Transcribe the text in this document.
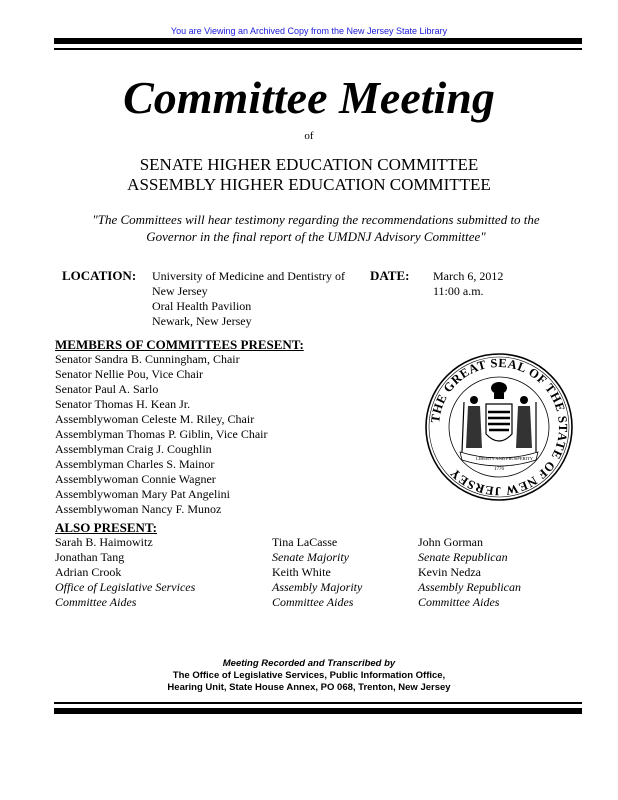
You are Viewing an Archived Copy from the New Jersey State Library
Committee Meeting
of
SENATE HIGHER EDUCATION COMMITTEE
ASSEMBLY HIGHER EDUCATION COMMITTEE
"The Committees will hear testimony regarding the recommendations submitted to the
Governor in the final report of the UMDNJ Advisory Committee"
LOCATION: University of Medicine and Dentistry of
New Jersey
Oral Health Pavilion
Newark, New Jersey
DATE: March 6, 2012
11:00 a.m.
MEMBERS OF COMMITTEES PRESENT:
Senator Sandra B. Cunningham, Chair
Senator Nellie Pou, Vice Chair
Senator Paul A. Sarlo
Senator Thomas H. Kean Jr.
Assemblywoman Celeste M. Riley, Chair
Assemblyman Thomas P. Giblin, Vice Chair
Assemblyman Craig J. Coughlin
Assemblyman Charles S. Mainor
Assemblywoman Connie Wagner
Assemblywoman Mary Pat Angelini
Assemblywoman Nancy F. Munoz
THE GREAT SEAL OF THE STATE OF NEW JERSEY
LIBERTY AND PROSPERITY
1776
ALSO PRESENT:
Sarah B. Haimowitz
Jonathan Tang
Adrian Crook
Office of Legislative Services
Committee Aides
Tina LaCasse
Senate Majority
Keith White
Assembly Majority
Committee Aides
John Gorman
Senate Republican
Kevin Nedza
Assembly Republican
Committee Aides
Meeting Recorded and Transcribed by
The Office of Legislative Services, Public Information Office,
Hearing Unit, State House Annex, PO 068, Trenton, New Jersey
